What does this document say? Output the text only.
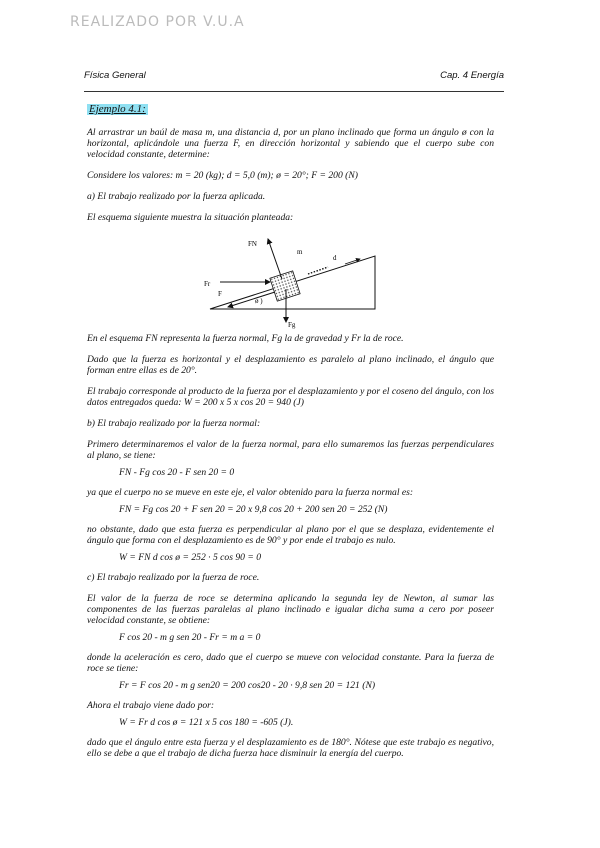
REALIZADO POR V.U.A
Física General	Cap. 4 Energía
Ejemplo 4.1:

Al arrastrar un baúl de masa m, una distancia d, por un plano inclinado que forma un ángulo ø con la horizontal, aplicándole una fuerza F, en dirección horizontal y sabiendo que el cuerpo sube con velocidad constante, determine:

Considere los valores: m = 20 (kg); d = 5,0 (m); ø = 20°; F = 200 (N)

a) El trabajo realizado por la fuerza aplicada.

El esquema siguiente muestra la situación planteada:

En el esquema FN representa la fuerza normal, Fg la de gravedad y Fr la de roce.

Dado que la fuerza es horizontal y el desplazamiento es paralelo al plano inclinado, el ángulo que forman entre ellas es de 20°.

El trabajo corresponde al producto de la fuerza por el desplazamiento y por el coseno del ángulo, con los datos entregados queda: W = 200 x 5 x cos 20 = 940 (J)

b) El trabajo realizado por la fuerza normal:

Primero determinaremos el valor de la fuerza normal, para ello sumaremos las fuerzas perpendiculares al plano, se tiene:

FN - Fg cos 20 - F sen 20 = 0

ya que el cuerpo no se mueve en este eje, el valor obtenido para la fuerza normal es:

FN = Fg cos 20 + F sen 20 = 20 x 9,8 cos 20 + 200 sen 20 = 252 (N)

no obstante, dado que esta fuerza es perpendicular al plano por el que se desplaza, evidentemente el ángulo que forma con el desplazamiento es de 90° y por ende el trabajo es nulo.

W = FN d cos ø = 252 · 5 cos 90 = 0

c) El trabajo realizado por la fuerza de roce.

El valor de la fuerza de roce se determina aplicando la segunda ley de Newton, al sumar las componentes de las fuerzas paralelas al plano inclinado e igualar dicha suma a cero por poseer velocidad constante, se obtiene:

F cos 20 - m g sen 20 - Fr = m a = 0

donde la aceleración es cero, dado que el cuerpo se mueve con velocidad constante. Para la fuerza de roce se tiene:

Fr = F cos 20 - m g sen20 = 200 cos20 - 20 · 9,8 sen 20 = 121 (N)

Ahora el trabajo viene dado por:

W = Fr d cos ø = 121 x 5 cos 180 = -605 (J).

dado que el ángulo entre esta fuerza y el desplazamiento es de 180°. Nótese que este trabajo es negativo, ello se debe a que el trabajo de dicha fuerza hace disminuir la energía del cuerpo.

FN
m
d
Fr
F
ø )
Fg
